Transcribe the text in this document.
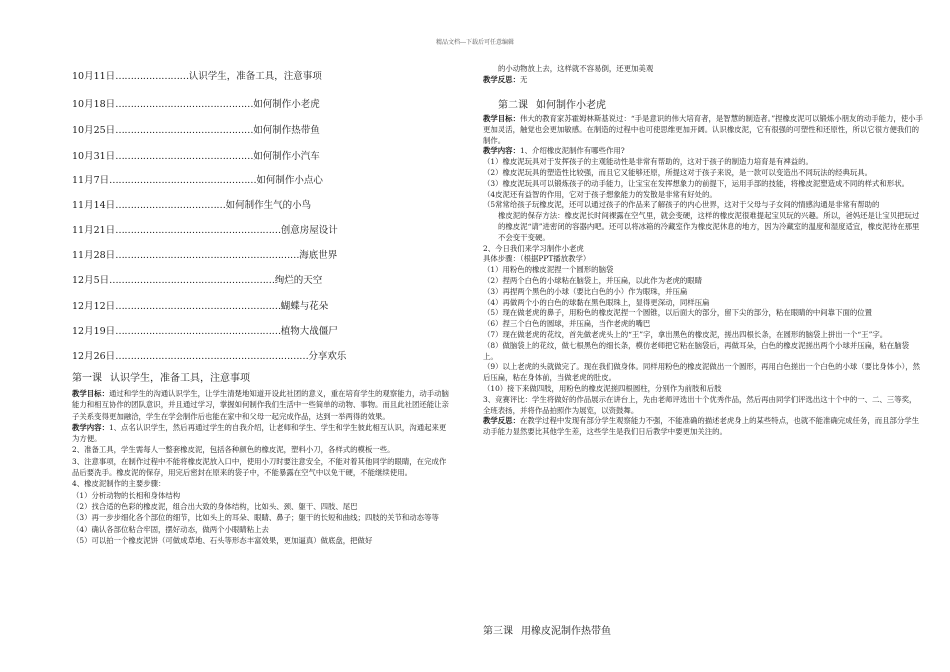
精品文档---下载后可任意编辑
10月11日……………………认识学生，准备工具，注意事项
10月18日………………………………………如何制作小老虎
10月25日………………………………………如何制作热带鱼
10月31日………………………………………如何制作小汽车
11月7日…………………………………………如何制作小点心
11月14日………………………………如何制作生气的小鸟
11月21日………………………………………………创意房屋设计
11月28日……………………………………………………海底世界
12月5日………………………………………………绚烂的天空
12月12日………………………………………………蝴蝶与花朵
12月19日………………………………………………植物大战僵尸
12月26日………………………………………………………分享欢乐
第一课 认识学生，准备工具，注意事项

教学目标：通过和学生的沟通认识学生，让学生清楚地知道开设此社团的意义，重在培育学生的观察能力，动手动脑能力和相互协作的团队意识，并且通过学习，掌握如何制作我们生活中一些简单的动物、事物。而且此社团还能让亲子关系变得更加融洽，学生在学会制作后也能在家中和父母一起完成作品，达到一举两得的效果。

教学内容：1、点名认识学生，然后再通过学生的自我介绍，让老师和学生、学生和学生彼此相互认识，沟通起来更为方便。

2、准备工具，学生需每人一整套橡皮泥，包括各种颜色的橡皮泥，塑料小刀，各样式的模板一些。

3、注意事项，在制作过程中不能将橡皮泥放入口中，使用小刀时要注意安全，不能对着其他同学的眼睛，在完成作品后要洗手。橡皮泥的保存，用完后密封在原来的袋子中，不能暴露在空气中以免干硬，不能继续使用。

4、橡皮泥制作的主要步骤：

（1）分析动物的长相和身体结构

（2）找合适的色彩的橡皮泥，组合出大致的身体结构，比如头、颈、躯干、四肢、尾巴

（3）再一步步细化各个部位的细节，比如头上的耳朵、眼睛、鼻子；躯干的长短和曲线；四肢的关节和动态等等

（4）确认各部位粘合牢固，摆好动态，做两个小眼睛粘上去

（5）可以拍一个橡皮泥饼（可做成草地、石头等形态丰富效果，更加逼真）做底盘，把做好

的小动物放上去，这样就不容易倒，还更加美观

教学反思：无

第二课 如何制作小老虎

教学目标：伟大的教育家苏霍姆林斯基说过：“手是意识的伟大培育者，是智慧的制造者。”捏橡皮泥可以锻炼小朋友的动手能力，使小手更加灵活，触觉也会更加敏感。在制造的过程中也可使思维更加开阔。认识橡皮泥，它有很强的可塑性和还原性，所以它很方便我们的制作。

教学内容：1、介绍橡皮泥制作有哪些作用?

（1）橡皮泥玩具对于发挥孩子的主观能动性是非常有帮助的，这对于孩子的制造力培育是有裨益的。

（2）橡皮泥玩具的塑造性比较强，而且它又能够还原，所提这对于孩子来说，是一款可以变造出不同玩法的经典玩具。

（3）橡皮泥玩具可以锻炼孩子的动手能力，让宝宝在发挥想象力的前提下，运用手部的技能，将橡皮泥塑造成不同的样式和形状。

（4皮泥还有益智的作用，它对于孩子想象能力的发散是非常有好处的。

（5常常给孩子玩橡皮泥，还可以通过孩子的作品来了解孩子的内心世界，这对于父母与子女间的情感沟通是非常有帮助的

橡皮泥的保存方法：橡皮泥长时间裸露在空气里，就会变硬，这样的橡皮泥很难提起宝贝玩的兴趣。所以，爸妈还是让宝贝把玩过的橡皮泥“请”进密闭的容器内吧。还可以将冰箱的冷藏室作为橡皮泥休息的地方，因为冷藏室的温度和湿度适宜，橡皮泥待在那里不会变干变硬。

2、今日我们来学习制作小老虎

具体步骤：（根据PPT播放教学）

（1）用粉色的橡皮泥捏一个圆形的脑袋

（2）捏两个白色的小球粘在脑袋上，并压扁，以此作为老虎的眼睛

（3）再捏两个黑色的小球（要比白色的小）作为眼珠，并压扁

（4）再做两个小的白色的球黏在黑色眼珠上，显得更深动，同样压扁

（5）现在做老虎的鼻子，用粉色的橡皮泥捏一个圆锥，以后面大的部分，留下尖的部分，粘在眼睛的中间靠下面的位置

（6）捏三个白色的圆球，并压扁，当作老虎的嘴巴

（7）现在做老虎的花纹，首先做老虎头上的“王”字，拿出黑色的橡皮泥，搓出四根长条，在圆形的脑袋上拼出一个“王”字。

（8）做脑袋上的花纹，做七根黑色的细长条，模仿老师把它粘在脑袋后，再做耳朵，白色的橡皮泥搓出两个小球并压扁，粘在脑袋上。

（9）以上老虎的头就做完了。现在我们做身体。同样用粉色的橡皮泥做出一个圆形，再用白色搓出一个白色的小球（要比身体小），然后压扁，粘在身体前，当做老虎的肚皮。

（10）接下来做四肢，用粉色的橡皮泥搓四根圆柱，分别作为前肢和后肢

3、竞赛评比：学生将做好的作品展示在讲台上，先由老师评选出十个优秀作品，然后再由同学们评选出这十个中的一、二、三等奖，全班表扬，并将作品拍照作为展览，以资鼓舞。

教学反思：在教学过程中发现有部分学生观察能力不强，不能准确的描述老虎身上的某些特点，也就不能准确完成任务，而且部分学生动手能力显然要比其他学生差，这些学生是我们日后教学中要更加关注的。

第三课 用橡皮泥制作热带鱼
